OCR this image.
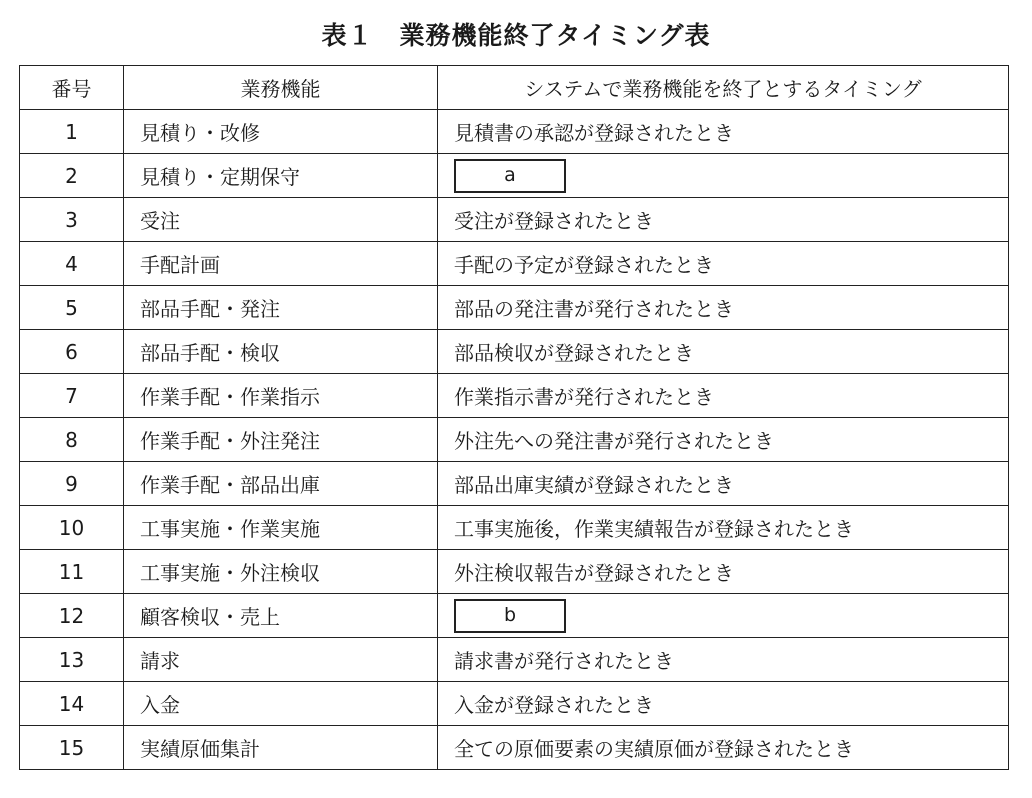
表１　業務機能終了タイミング表
番号	業務機能	システムで業務機能を終了とするタイミング
1	見積り・改修	見積書の承認が登録されたとき
2	見積り・定期保守	a
3	受注	受注が登録されたとき
4	手配計画	手配の予定が登録されたとき
5	部品手配・発注	部品の発注書が発行されたとき
6	部品手配・検収	部品検収が登録されたとき
7	作業手配・作業指示	作業指示書が発行されたとき
8	作業手配・外注発注	外注先への発注書が発行されたとき
9	作業手配・部品出庫	部品出庫実績が登録されたとき
10	工事実施・作業実施	工事実施後，作業実績報告が登録されたとき
11	工事実施・外注検収	外注検収報告が登録されたとき
12	顧客検収・売上	b
13	請求	請求書が発行されたとき
14	入金	入金が登録されたとき
15	実績原価集計	全ての原価要素の実績原価が登録されたとき
